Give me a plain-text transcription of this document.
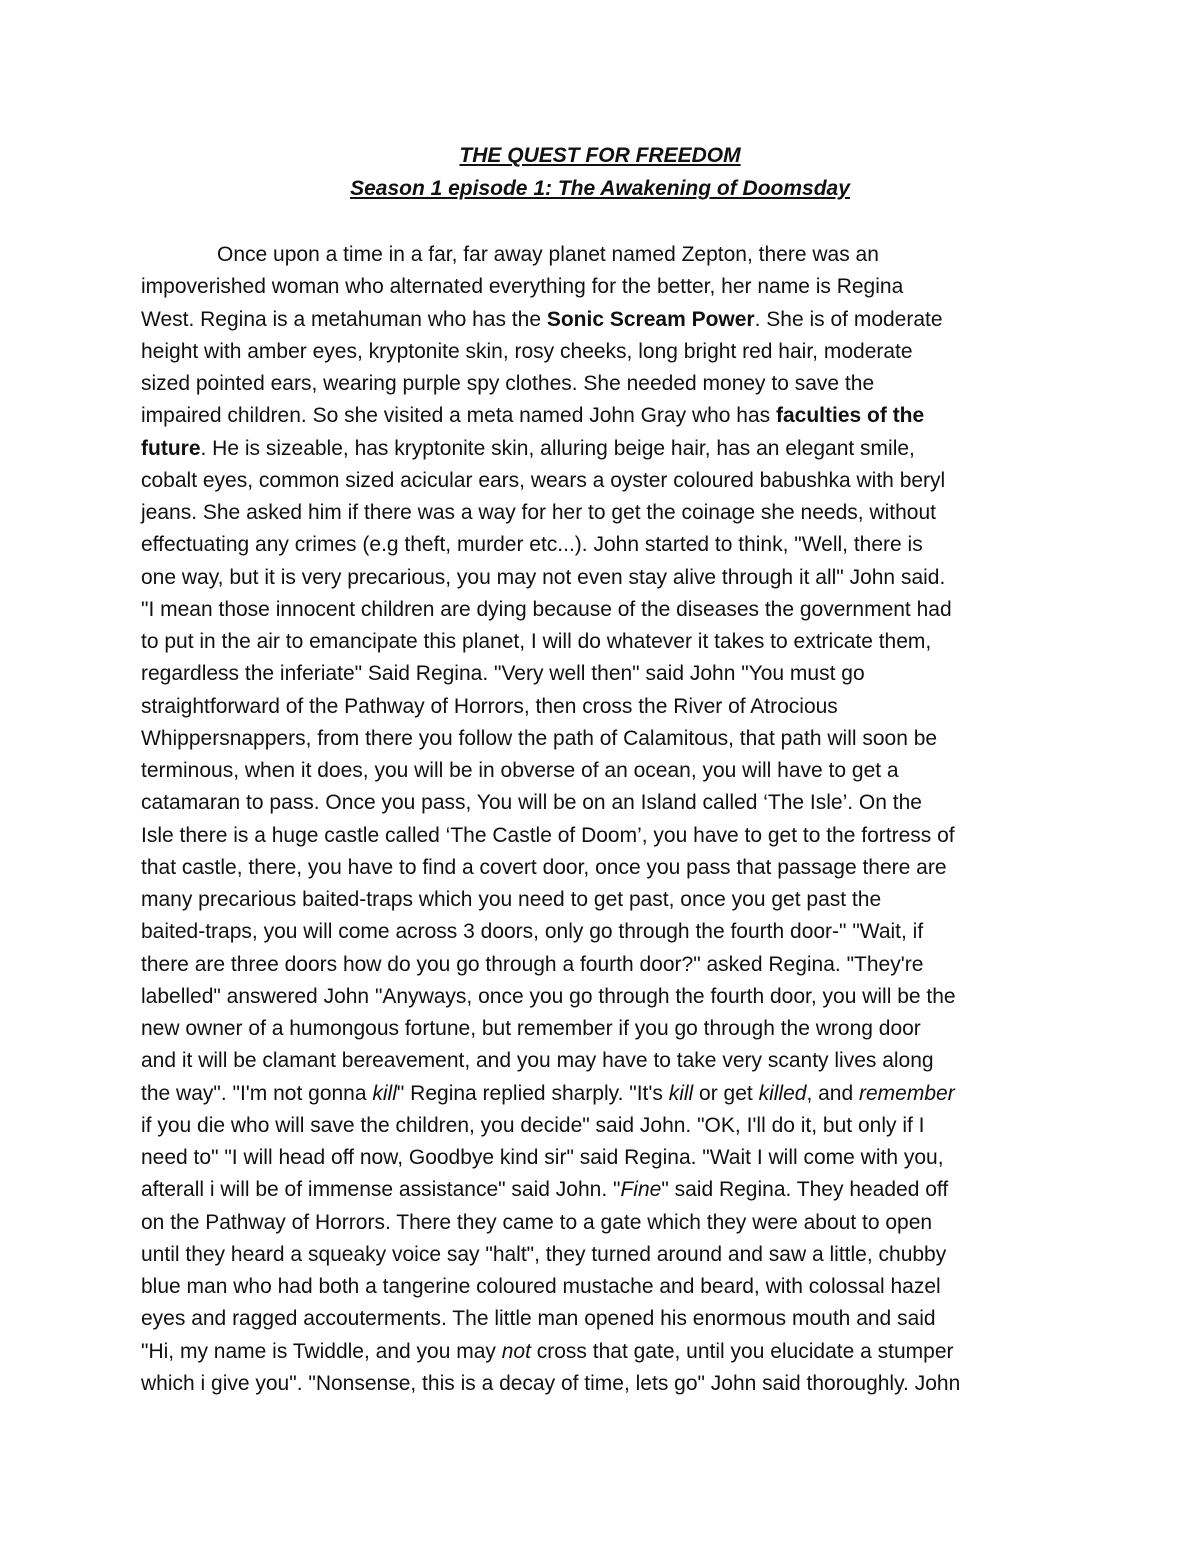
THE QUEST FOR FREEDOM
Season 1 episode 1: The Awakening of Doomsday
Once upon a time in a far, far away planet named Zepton, there was an
impoverished woman who alternated everything for the better, her name is Regina
West. Regina is a metahuman who has the Sonic Scream Power. She is of moderate
height with amber eyes, kryptonite skin, rosy cheeks, long bright red hair, moderate
sized pointed ears, wearing purple spy clothes. She needed money to save the
impaired children. So she visited a meta named John Gray who has faculties of the
future. He is sizeable, has kryptonite skin, alluring beige hair, has an elegant smile,
cobalt eyes, common sized acicular ears, wears a oyster coloured babushka with beryl
jeans. She asked him if there was a way for her to get the coinage she needs, without
effectuating any crimes (e.g theft, murder etc...). John started to think, "Well, there is
one way, but it is very precarious, you may not even stay alive through it all" John said.
"I mean those innocent children are dying because of the diseases the government had
to put in the air to emancipate this planet, I will do whatever it takes to extricate them,
regardless the inferiate" Said Regina. "Very well then" said John "You must go
straightforward of the Pathway of Horrors, then cross the River of Atrocious
Whippersnappers, from there you follow the path of Calamitous, that path will soon be
terminous, when it does, you will be in obverse of an ocean, you will have to get a
catamaran to pass. Once you pass, You will be on an Island called ‘The Isle’. On the
Isle there is a huge castle called ‘The Castle of Doom’, you have to get to the fortress of
that castle, there, you have to find a covert door, once you pass that passage there are
many precarious baited-traps which you need to get past, once you get past the
baited-traps, you will come across 3 doors, only go through the fourth door-" "Wait, if
there are three doors how do you go through a fourth door?" asked Regina. "They're
labelled" answered John "Anyways, once you go through the fourth door, you will be the
new owner of a humongous fortune, but remember if you go through the wrong door
and it will be clamant bereavement, and you may have to take very scanty lives along
the way". "I'm not gonna kill" Regina replied sharply. "It's kill or get killed, and remember
if you die who will save the children, you decide" said John. "OK, I'll do it, but only if I
need to" "I will head off now, Goodbye kind sir" said Regina. "Wait I will come with you,
afterall i will be of immense assistance" said John. "Fine" said Regina. They headed off
on the Pathway of Horrors. There they came to a gate which they were about to open
until they heard a squeaky voice say "halt", they turned around and saw a little, chubby
blue man who had both a tangerine coloured mustache and beard, with colossal hazel
eyes and ragged accouterments. The little man opened his enormous mouth and said
"Hi, my name is Twiddle, and you may not cross that gate, until you elucidate a stumper
which i give you". "Nonsense, this is a decay of time, lets go" John said thoroughly. John
